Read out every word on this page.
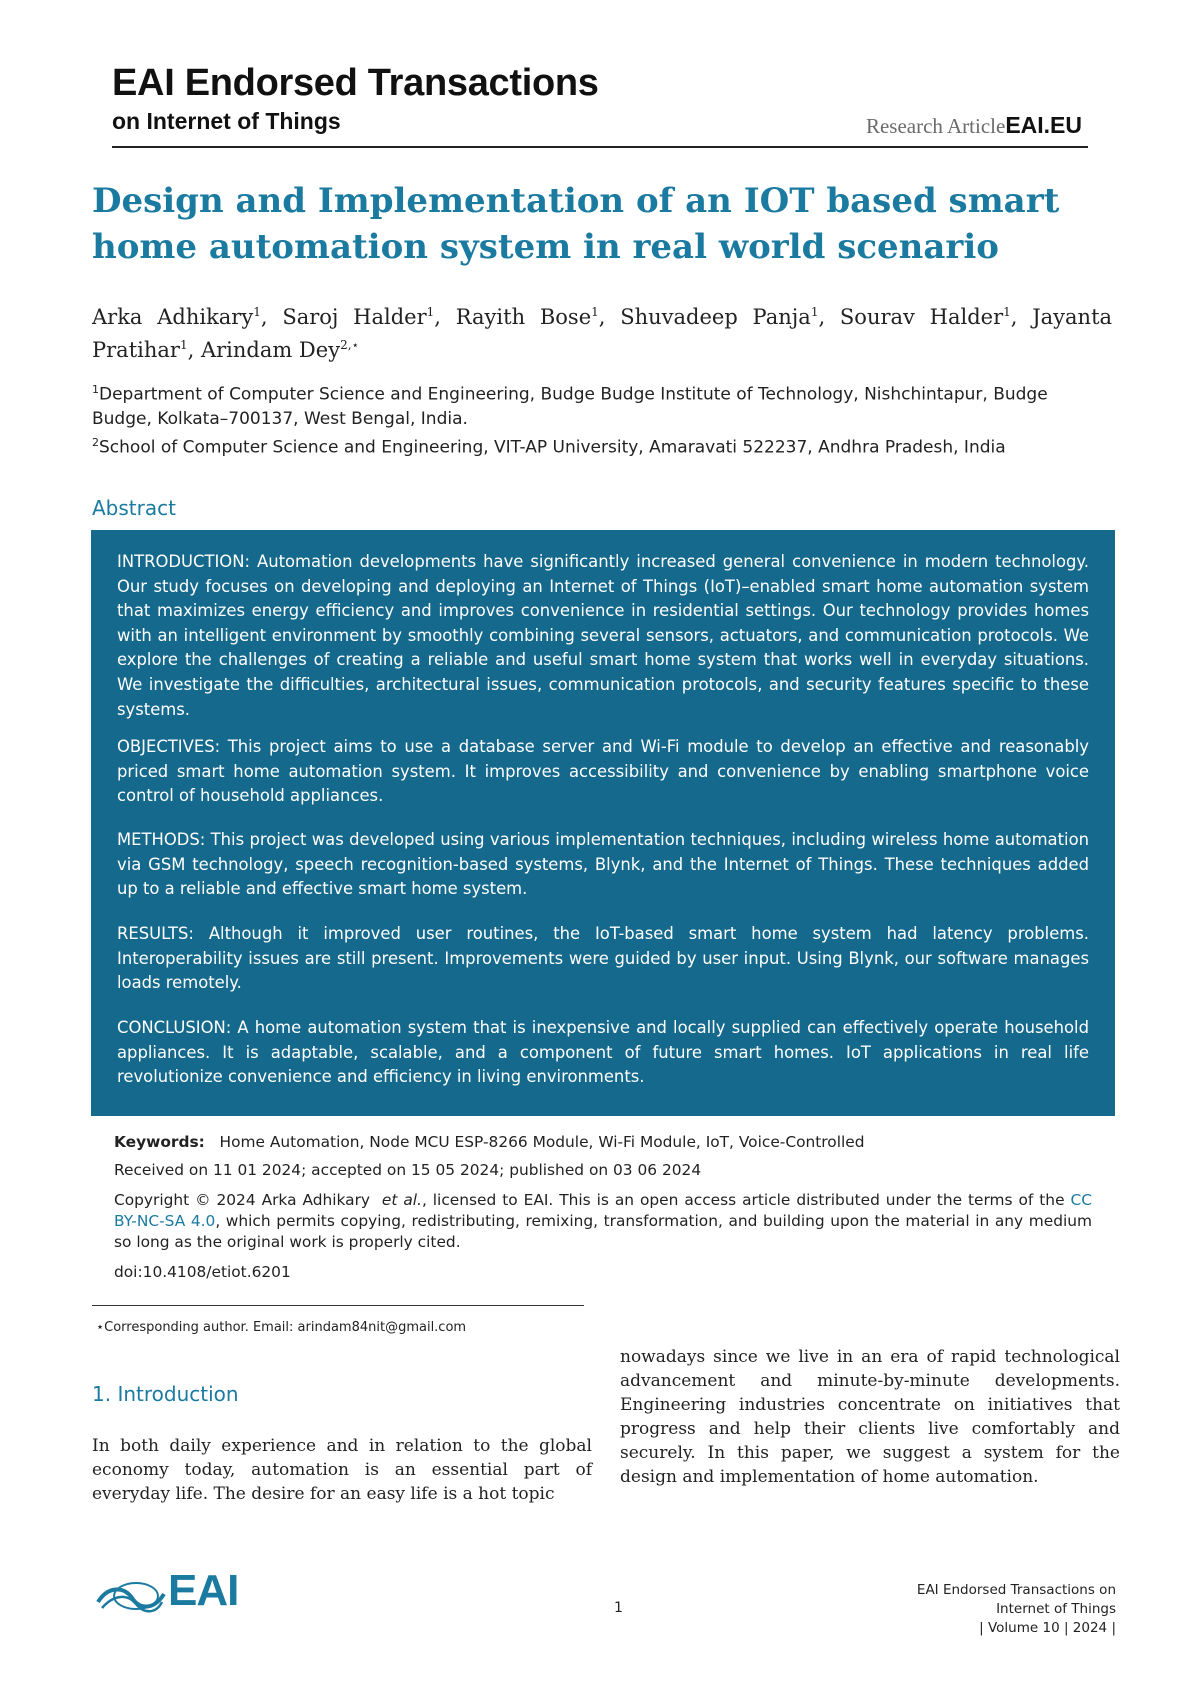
EAI Endorsed Transactions
on Internet of Things	Research ArticleEAI.EU
Design and Implementation of an IOT based smart
home automation system in real world scenario
Arka Adhikary$^1$, Saroj Halder$^1$, Rayith Bose$^1$, Shuvadeep Panja$^1$, Sourav Halder$^1$, Jayanta Pratihar$^1$, Arindam Dey$^{2,⋆}$
$^1$Department of Computer Science and Engineering, Budge Budge Institute of Technology, Nishchintapur, Budge Budge, Kolkata–700137, West Bengal, India.
$^2$School of Computer Science and Engineering, VIT-AP University, Amaravati 522237, Andhra Pradesh, India
Abstract

INTRODUCTION: Automation developments have significantly increased general convenience in modern technology. Our study focuses on developing and deploying an Internet of Things (IoT)–enabled smart home automation system that maximizes energy efficiency and improves convenience in residential settings. Our technology provides homes with an intelligent environment by smoothly combining several sensors, actuators, and communication protocols. We explore the challenges of creating a reliable and useful smart home system that works well in everyday situations. We investigate the difficulties, architectural issues, communication protocols, and security features specific to these systems.

OBJECTIVES: This project aims to use a database server and Wi-Fi module to develop an effective and reasonably priced smart home automation system. It improves accessibility and convenience by enabling smartphone voice control of household appliances.

METHODS: This project was developed using various implementation techniques, including wireless home automation via GSM technology, speech recognition-based systems, Blynk, and the Internet of Things. These techniques added up to a reliable and effective smart home system.

RESULTS: Although it improved user routines, the IoT-based smart home system had latency problems. Interoperability issues are still present. Improvements were guided by user input. Using Blynk, our software manages loads remotely.

CONCLUSION: A home automation system that is inexpensive and locally supplied can effectively operate household appliances. It is adaptable, scalable, and a component of future smart homes. IoT applications in real life revolutionize convenience and efficiency in living environments.

Keywords: Home Automation, Node MCU ESP-8266 Module, Wi-Fi Module, IoT, Voice-Controlled
Received on 11 01 2024; accepted on 15 05 2024; published on 03 06 2024
Copyright © 2024 Arka Adhikary et al., licensed to EAI. This is an open access article distributed under the terms of the CC BY-NC-SA 4.0, which permits copying, redistributing, remixing, transformation, and building upon the material in any medium so long as the original work is properly cited.
doi:10.4108/etiot.6201
⋆Corresponding author. Email: arindam84nit@gmail.com
1. Introduction
In both daily experience and in relation to the global economy today, automation is an essential part of everyday life. The desire for an easy life is a hot topic
nowadays since we live in an era of rapid technological advancement and minute-by-minute developments. Engineering industries concentrate on initiatives that progress and help their clients live comfortably and securely. In this paper, we suggest a system for the design and implementation of home automation.
EAI	1
EAI Endorsed Transactions on
Internet of Things
| Volume 10 | 2024 |
